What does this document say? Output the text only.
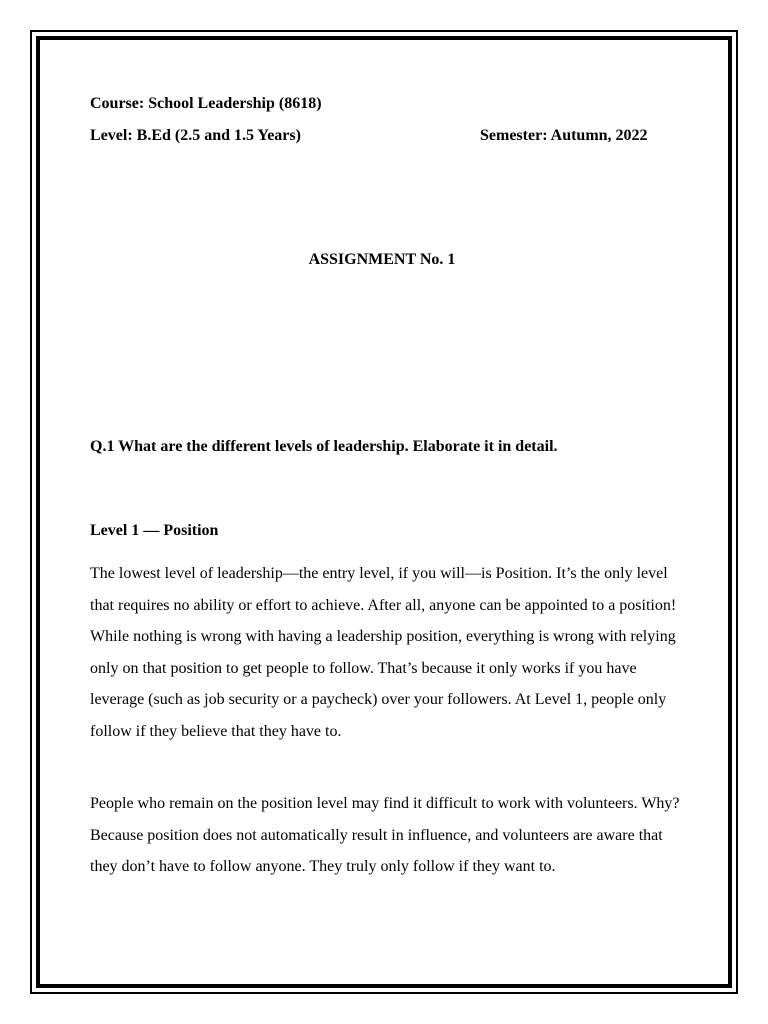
Course: School Leadership (8618)
Level: B.Ed (2.5 and 1.5 Years)	Semester: Autumn, 2022
ASSIGNMENT No. 1
Q.1 What are the different levels of leadership. Elaborate it in detail.
Level 1 — Position
The lowest level of leadership—the entry level, if you will—is Position. It’s the only level that requires no ability or effort to achieve. After all, anyone can be appointed to a position! While nothing is wrong with having a leadership position, everything is wrong with relying only on that position to get people to follow. That’s because it only works if you have leverage (such as job security or a paycheck) over your followers. At Level 1, people only follow if they believe that they have to.
People who remain on the position level may find it difficult to work with volunteers. Why? Because position does not automatically result in influence, and volunteers are aware that they don’t have to follow anyone. They truly only follow if they want to.
